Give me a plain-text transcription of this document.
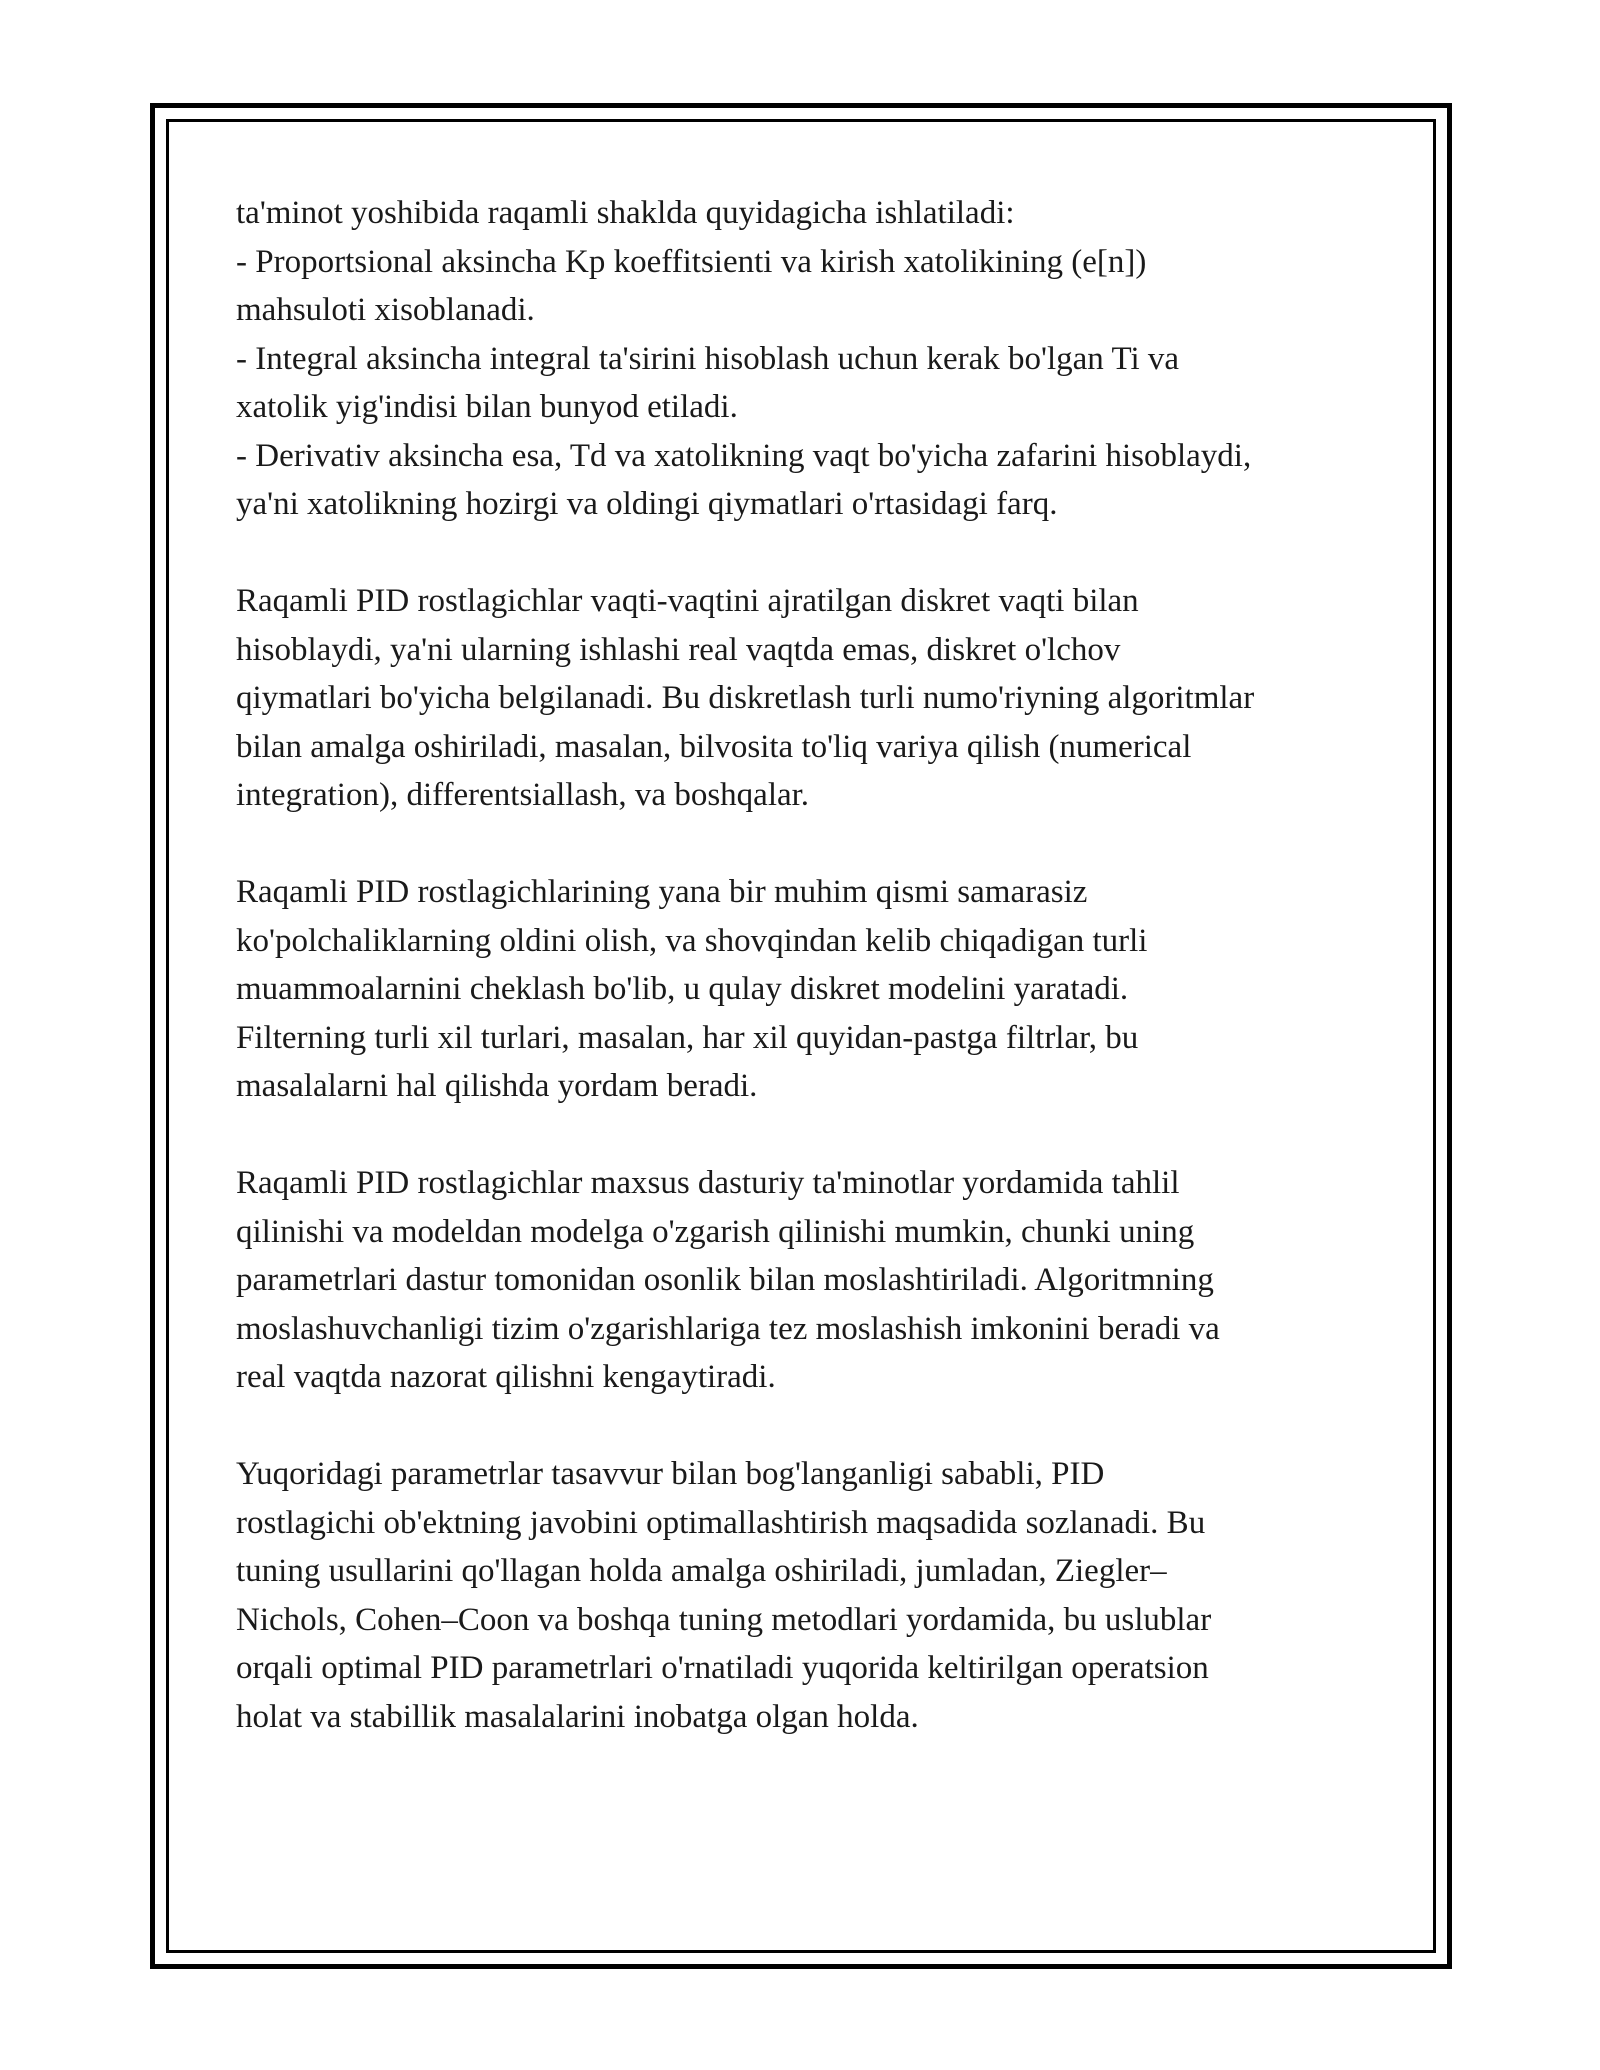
ta'minot yoshibida raqamli shakldа quyidagicha ishlatiladi:
- Proportsional aksincha Kp koeffitsienti va kirish xatolikining (e[n])
mahsuloti xisoblanadi.
- Integral aksincha integral ta'sirini hisoblash uchun kerak bo'lgan Ti va
xatolik yig'indisi bilan bunyod etiladi.
- Derivativ aksincha esa, Td va xatolikning vaqt bo'yicha zafarini hisoblaydi,
ya'ni xatolikning hozirgi va oldingi qiymatlari o'rtasidagi farq.

Raqamli PID rostlagichlar vaqti-vaqtini ajratilgan diskret vaqti bilan
hisoblaydi, ya'ni ularning ishlashi real vaqtda emas, diskret o'lchov
qiymatlari bo'yicha belgilanadi. Bu diskretlash turli numo'riyning algoritmlar
bilan amalga oshiriladi, masalan, bilvosita to'liq variya qilish (numerical
integration), differentsiallash, va boshqalar.

Raqamli PID rostlagichlarining yana bir muhim qismi samarasiz
ko'polchaliklarning oldini olish, va shovqindan kelib chiqadigan turli
muammoalarnini cheklash bo'lib, u qulay diskret modelini yaratadi.
Filterning turli xil turlari, masalan, har xil quyidan-pastga filtrlar, bu
masalalarni hal qilishda yordam beradi.

Raqamli PID rostlagichlar maxsus dasturiy ta'minotlar yordamida tahlil
qilinishi va modeldan modelga o'zgarish qilinishi mumkin, chunki uning
parametrlari dastur tomonidan osonlik bilan moslashtiriladi. Algoritmning
moslashuvchanligi tizim o'zgarishlariga tez moslashish imkonini beradi va
real vaqtda nazorat qilishni kengaytiradi.

Yuqoridagi parametrlar tasavvur bilan bog'langanligi sababli, PID
rostlagichi ob'ektning javobini optimallashtirish maqsadida sozlanadi. Bu
tuning usullarini qo'llagan holda amalga oshiriladi, jumladan, Ziegler–
Nichols, Cohen–Coon va boshqa tuning metodlari yordamida, bu uslublar
orqali optimal PID parametrlari o'rnatiladi yuqorida keltirilgan operatsion
holat va stabillik masalalarini inobatga olgan holda.
